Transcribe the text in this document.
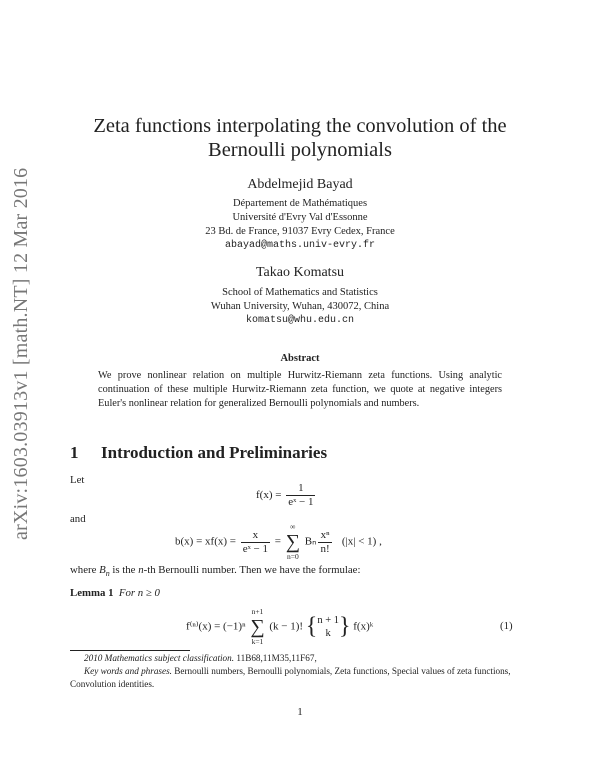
arXiv:1603.03913v1 [math.NT] 12 Mar 2016
Zeta functions interpolating the convolution of the
Bernoulli polynomials
Abdelmejid Bayad
Département de Mathématiques
Université d'Evry Val d'Essonne
23 Bd. de France, 91037 Evry Cedex, France
abayad@maths.univ-evry.fr
Takao Komatsu
School of Mathematics and Statistics
Wuhan University, Wuhan, 430072, China
komatsu@whu.edu.cn
Abstract
We prove nonlinear relation on multiple Hurwitz-Riemann zeta functions. Using analytic continuation of these multiple Hurwitz-Riemann zeta function, we quote at negative integers Euler's nonlinear relation for generalized Bernoulli polynomials and numbers.
1 Introduction and Preliminaries
Let
$f(x) = \frac{1}{\text{eˣ − 1}}$
and
$b(x) = xf(x) = \frac{x}{\text{eˣ − 1}}$ =
∞
∑
n=0
Bₙ $\frac{\text{xⁿ}}{n!} (|x| < 1)$ ,
where $B_n$ is the n-th Bernoulli number. Then we have the formulae:
Lemma 1 For n ≥ 0
f⁽ⁿ⁾(x) = (−1)ⁿ
n+1
∑
k=1
(k − 1)! { n + 1
k } f(x)ᵏ	(1)
2010 Mathematics subject classification. 11B68,11M35,11F67,
Key words and phrases. Bernoulli numbers, Bernoulli polynomials, Zeta functions, Special values of zeta functions, Convolution identities.
1
